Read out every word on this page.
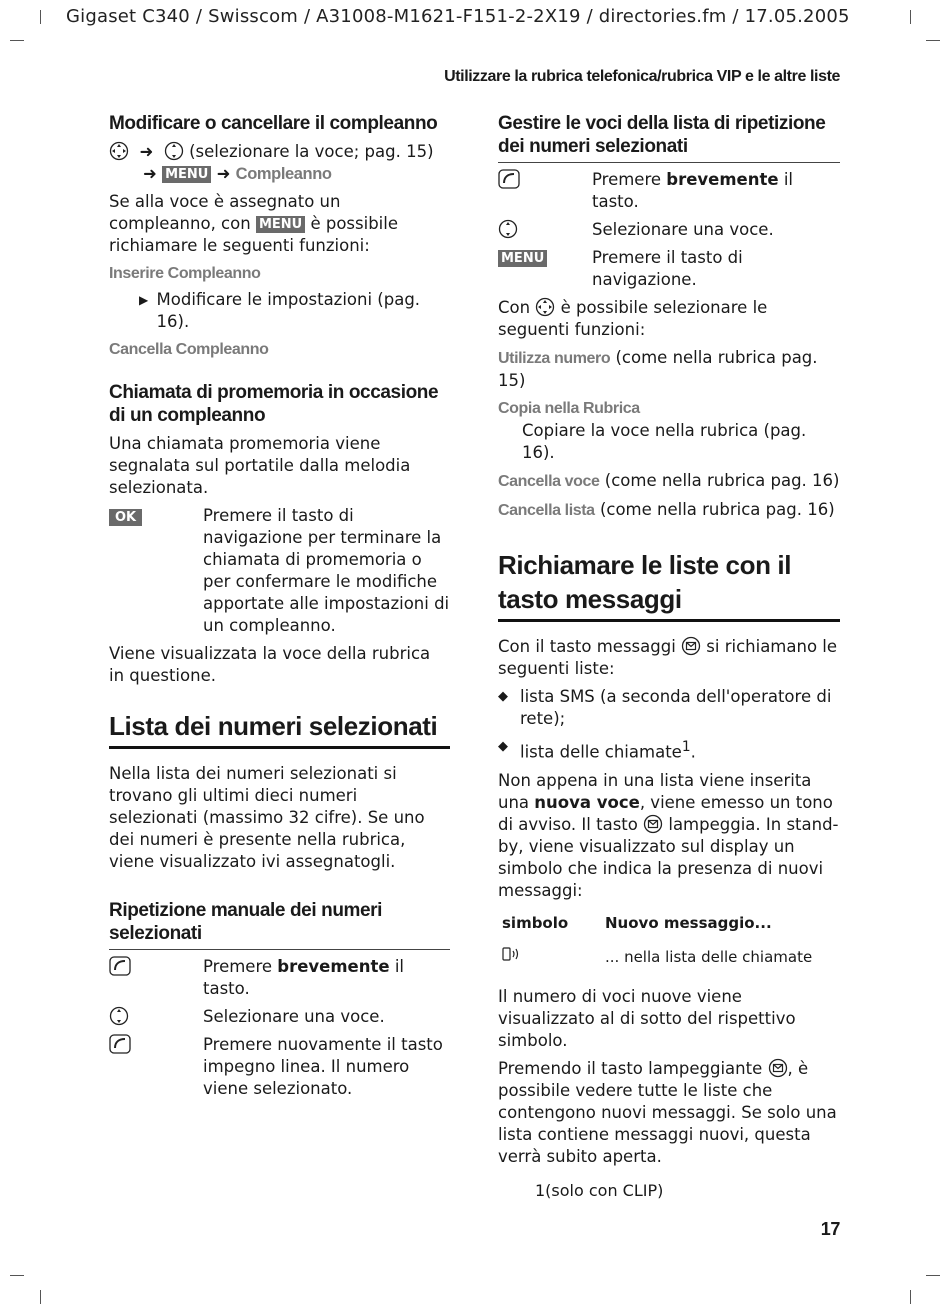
Gigaset C340 / Swisscom / A31008-M1621-F151-2-2X19 / directories.fm / 17.05.2005
Utilizzare la rubrica telefonica/rubrica VIP e le altre liste
Modificare o cancellare il compleanno

➜   (selezionare la voce; pag. 15)

➜ MENU ➜ Compleanno

Se alla voce è assegnato un compleanno, con MENU è possibile richiamare le seguenti funzioni:

Inserire Compleanno
▶ Modificare le impostazioni (pag. 16).
Cancella Compleanno
Chiamata di promemoria in occasione di un compleanno

Una chiamata promemoria viene segnalata sul portatile dalla melodia selezionata.

OK	Premere il tasto di navigazione per terminare la chiamata di promemoria o per confermare le modifiche apportate alle impostazioni di un compleanno.

Viene visualizzata la voce della rubrica in questione.

Lista dei numeri selezionati

Nella lista dei numeri selezionati si trovano gli ultimi dieci numeri selezionati (massimo 32 cifre). Se uno dei numeri è presente nella rubrica, viene visualizzato ivi assegnatogli.

Ripetizione manuale dei numeri selezionati
Premere brevemente il tasto.
Selezionare una voce.
Premere nuovamente il tasto impegno linea. Il numero viene selezionato.
Gestire le voci della lista di ripetizione dei numeri selezionati
Premere brevemente il tasto.
Selezionare una voce.
MENU	Premere il tasto di navigazione.

Con è possibile selezionare le seguenti funzioni:

Utilizza numero (come nella rubrica pag. 15)
Copia nella Rubrica
Copiare la voce nella rubrica (pag. 16).
Cancella voce (come nella rubrica pag. 16)
Cancella lista (come nella rubrica pag. 16)
Richiamare le liste con il tasto messaggi

Con il tasto messaggi si richiamano le seguenti liste:

◆ lista SMS (a seconda dell'operatore di rete);
◆ lista delle chiamate$^1$.

Non appena in una lista viene inserita una nuova voce, viene emesso un tono di avviso. Il tasto lampeggia. In stand-by, viene visualizzato sul display un simbolo che indica la presenza di nuovi messaggi:

simbolo	Nuovo messaggio...
	... nella lista delle chiamate

Il numero di voci nuove viene visualizzato al di sotto del rispettivo simbolo.

Premendo il tasto lampeggiante , è possibile vedere tutte le liste che contengono nuovi messaggi. Se solo una lista contiene messaggi nuovi, questa verrà subito aperta.

1(solo con CLIP)
17
